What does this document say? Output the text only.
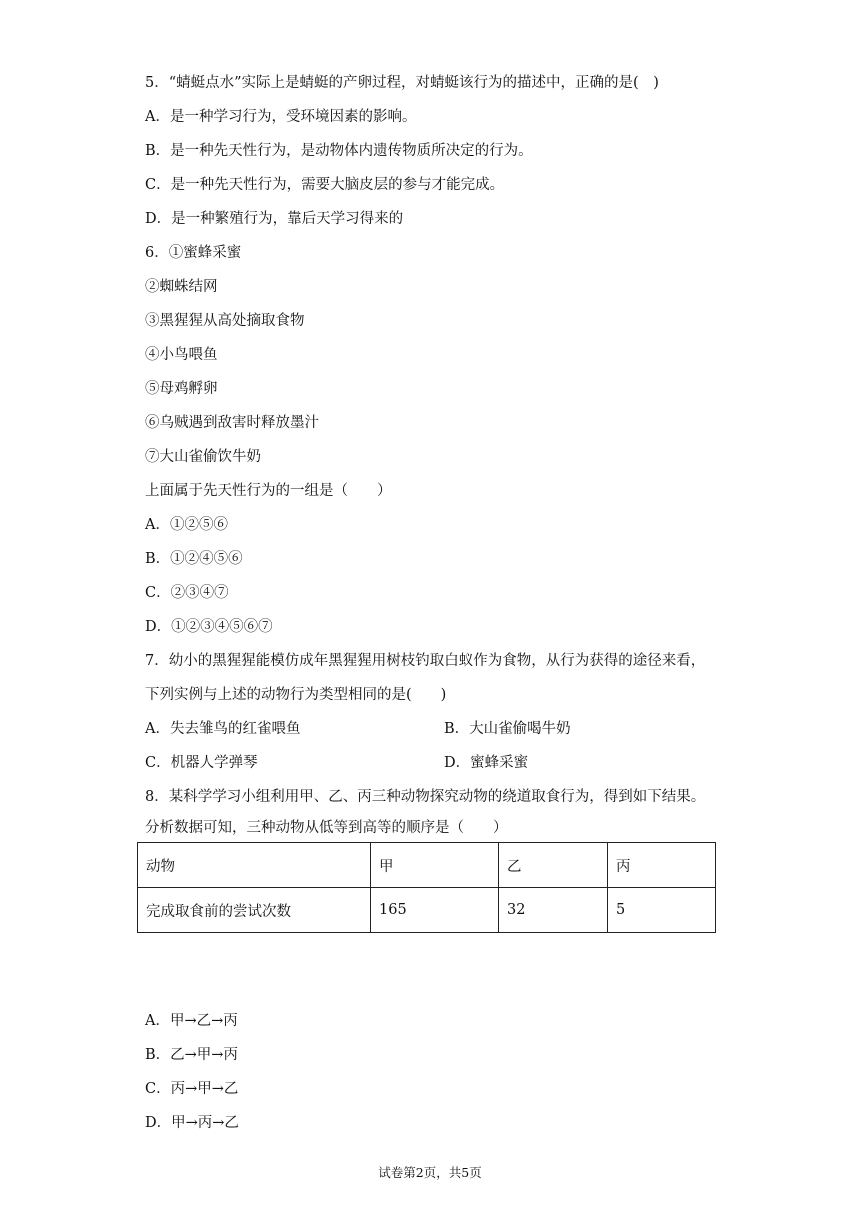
5．“蜻蜓点水”实际上是蜻蜓的产卵过程，对蜻蜓该行为的描述中，正确的是(　)
A．是一种学习行为，受环境因素的影响。
B．是一种先天性行为，是动物体内遗传物质所决定的行为。
C．是一种先天性行为，需要大脑皮层的参与才能完成。
D．是一种繁殖行为，靠后天学习得来的
6．①蜜蜂采蜜
②蜘蛛结网
③黑猩猩从高处摘取食物
④小鸟喂鱼
⑤母鸡孵卵
⑥乌贼遇到敌害时释放墨汁
⑦大山雀偷饮牛奶
上面属于先天性行为的一组是（　　）
A．①②⑤⑥
B．①②④⑤⑥
C．②③④⑦
D．①②③④⑤⑥⑦
7．幼小的黑猩猩能模仿成年黑猩猩用树枝钓取白蚁作为食物，从行为获得的途径来看，
下列实例与上述的动物行为类型相同的是(　　)
A．失去雏鸟的红雀喂鱼	B．大山雀偷喝牛奶
C．机器人学弹琴	D．蜜蜂采蜜
8．某科学学习小组利用甲、乙、丙三种动物探究动物的绕道取食行为，得到如下结果。
分析数据可知，三种动物从低等到高等的顺序是（　　）
动物	甲	乙	丙
完成取食前的尝试次数	165	32	5
A．甲→乙→丙
B．乙→甲→丙
C．丙→甲→乙
D．甲→丙→乙
试卷第2页，共5页
